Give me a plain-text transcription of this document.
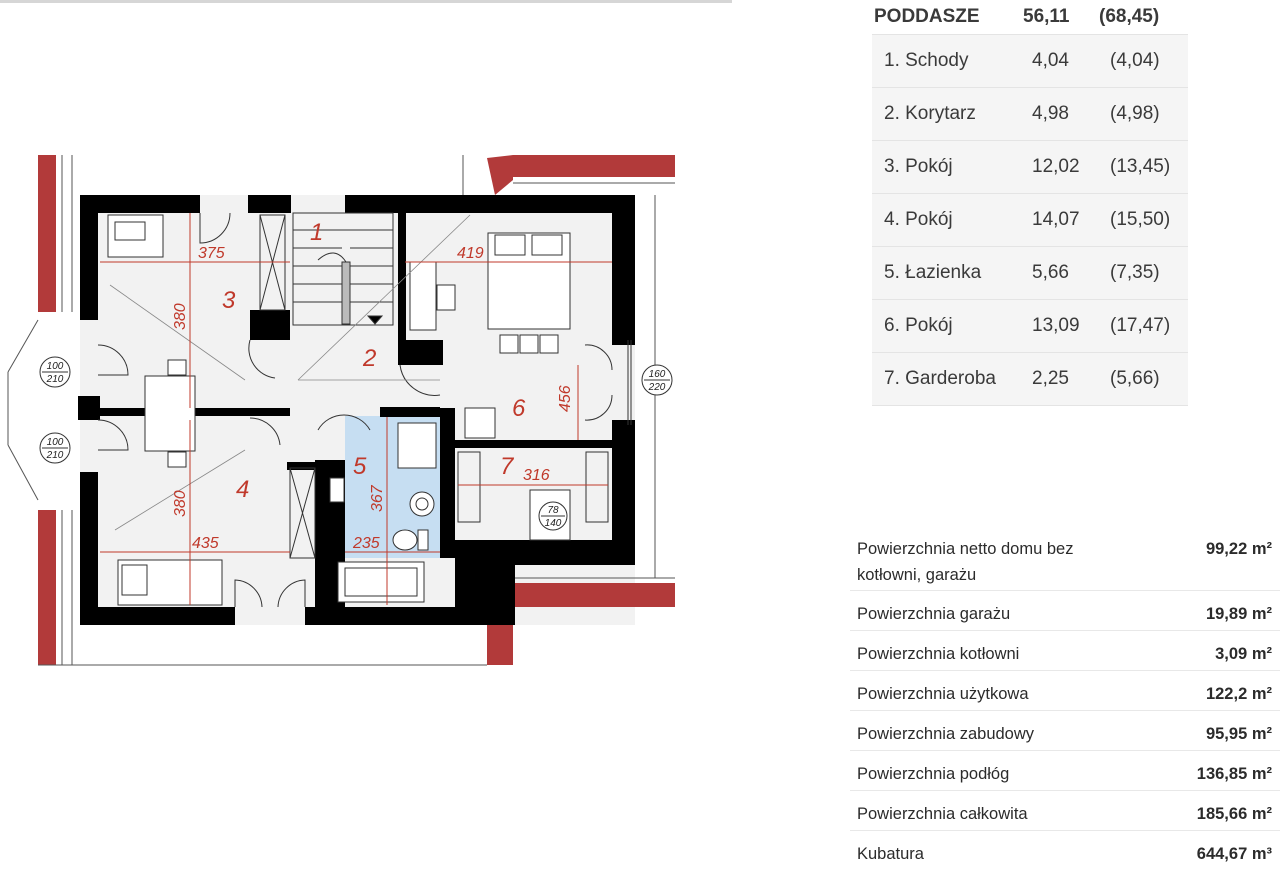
1
2
3
4
5
6
7
375	419
380
380
435
456
316
367
235
100
210
100
210
160
220
78
140
PODDASZE 56,11 (68,45)
1. Schody	4,04 (4,04)
2. Korytarz	4,98 (4,98)
3. Pokój	12,02 (13,45)
4. Pokój	14,07 (15,50)
5. Łazienka	5,66 (7,35)
6. Pokój	13,09 (17,47)
7. Garderoba 2,25 (5,66)
Powierzchnia netto domu bez kotłowni, garażu
99,22 m²
Powierzchnia garażu	19,89 m²
Powierzchnia kotłowni	3,09 m²
Powierzchnia użytkowa	122,2 m²
Powierzchnia zabudowy	95,95 m²
Powierzchnia podłóg	136,85 m²
Powierzchnia całkowita	185,66 m²
Kubatura	644,67 m³
